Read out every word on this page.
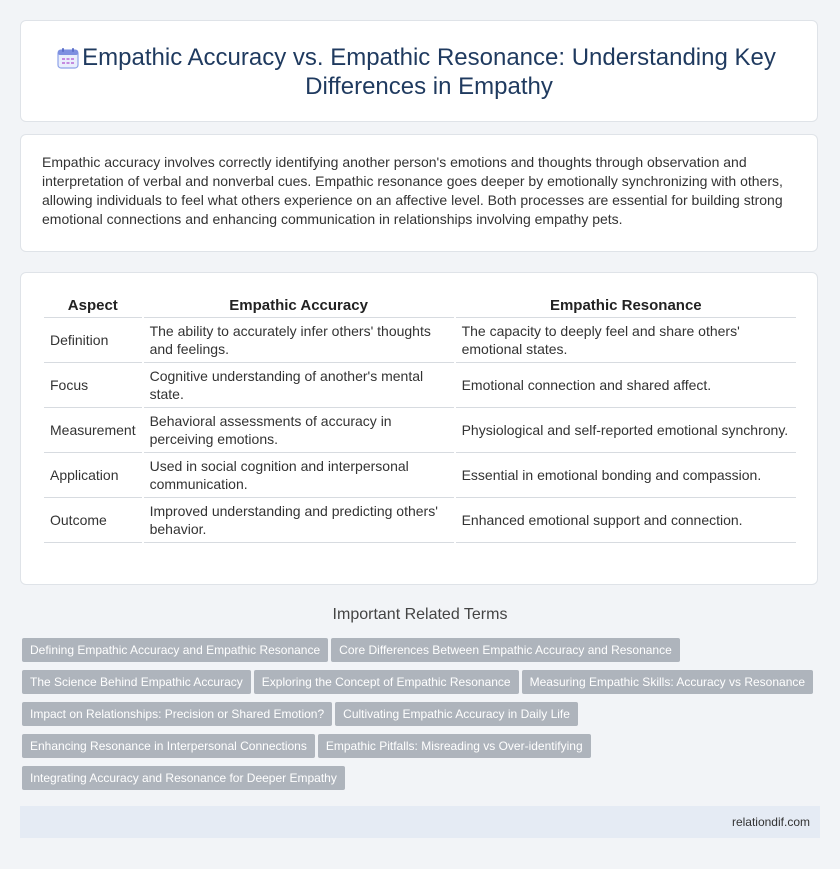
Empathic Accuracy vs. Empathic Resonance: Understanding Key Differences in Empathy

Empathic accuracy involves correctly identifying another person's emotions and thoughts through observation and interpretation of verbal and nonverbal cues. Empathic resonance goes deeper by emotionally synchronizing with others, allowing individuals to feel what others experience on an affective level. Both processes are essential for building strong emotional connections and enhancing communication in relationships involving empathy pets.

Aspect	Empathic Accuracy	Empathic Resonance
Definition	The ability to accurately infer others' thoughts and feelings.	The capacity to deeply feel and share others' emotional states.
Focus	Cognitive understanding of another's mental state.	Emotional connection and shared affect.
Measurement	Behavioral assessments of accuracy in perceiving emotions.	Physiological and self-reported emotional synchrony.
Application	Used in social cognition and interpersonal communication.	Essential in emotional bonding and compassion.
Outcome	Improved understanding and predicting others' behavior.	Enhanced emotional support and connection.
Important Related Terms
Defining Empathic Accuracy and Empathic Resonance Core Differences Between Empathic Accuracy and Resonance
The Science Behind Empathic Accuracy Exploring the Concept of Empathic Resonance Measuring Empathic Skills: Accuracy vs Resonance
Impact on Relationships: Precision or Shared Emotion? Cultivating Empathic Accuracy in Daily Life
Enhancing Resonance in Interpersonal Connections Empathic Pitfalls: Misreading vs Over-identifying
Integrating Accuracy and Resonance for Deeper Empathy
relationdif.com
